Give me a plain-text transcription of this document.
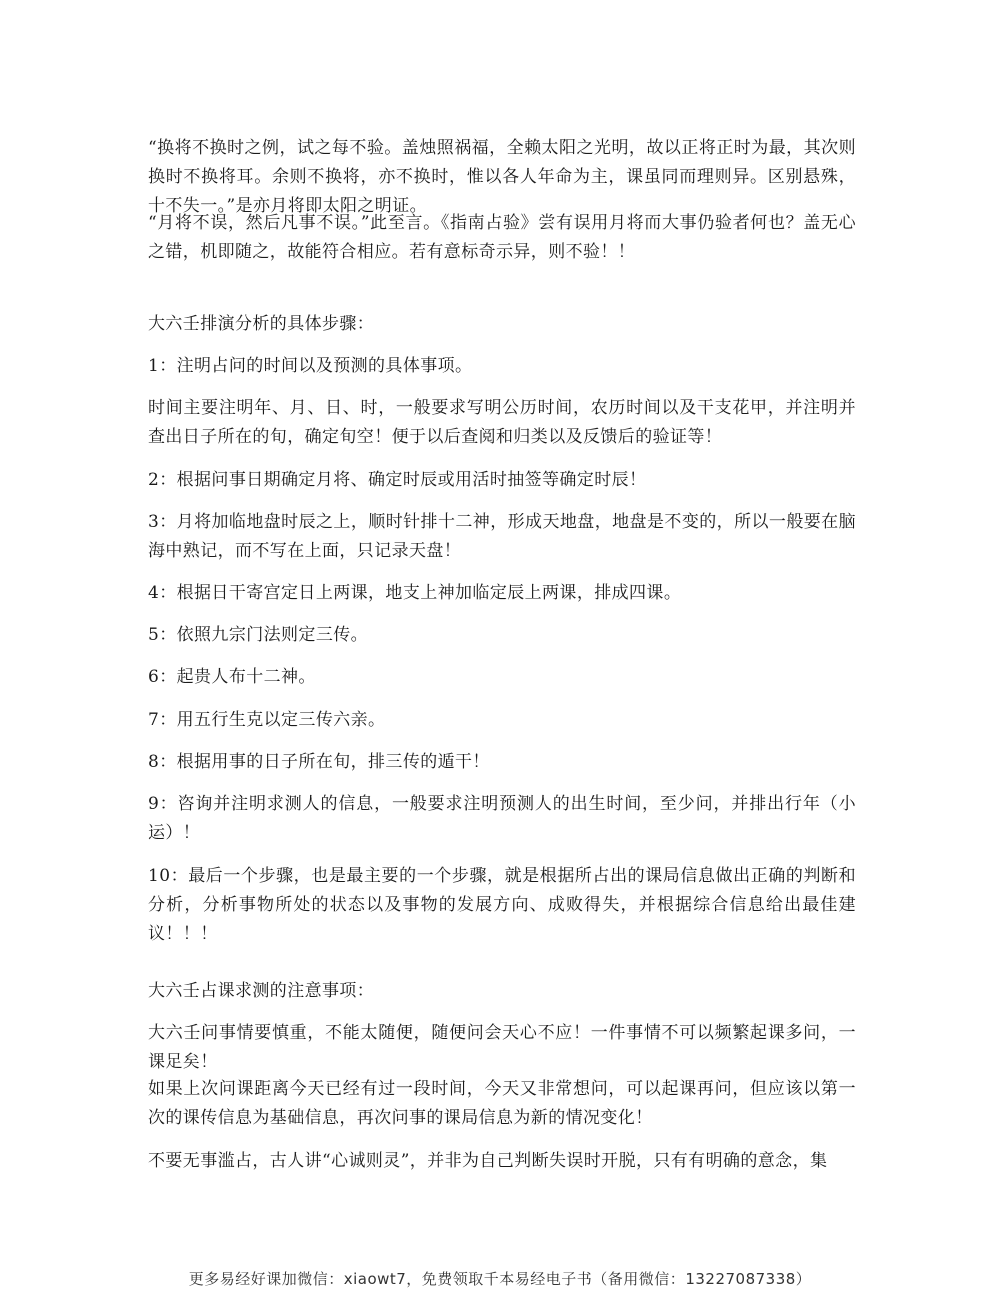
“换将不换时之例，试之每不验。盖烛照祸福，全赖太阳之光明，故以正将正时为最，其次则换时不换将耳。余则不换将，亦不换时，惟以各人年命为主，课虽同而理则异。区别悬殊，十不失一。”是亦月将即太阳之明证。

“月将不误，然后凡事不误。”此至言。《指南占验》尝有误用月将而大事仍验者何也？盖无心之错，机即随之，故能符合相应。若有意标奇示异，则不验！！

大六壬排演分析的具体步骤：

1：注明占问的时间以及预测的具体事项。

时间主要注明年、月、日、时，一般要求写明公历时间，农历时间以及干支花甲，并注明并查出日子所在的旬，确定旬空！便于以后查阅和归类以及反馈后的验证等！

2：根据问事日期确定月将、确定时辰或用活时抽签等确定时辰！

3：月将加临地盘时辰之上，顺时针排十二神，形成天地盘，地盘是不变的，所以一般要在脑海中熟记，而不写在上面，只记录天盘！

4：根据日干寄宫定日上两课，地支上神加临定辰上两课，排成四课。

5：依照九宗门法则定三传。

6：起贵人布十二神。

7：用五行生克以定三传六亲。

8：根据用事的日子所在旬，排三传的遁干！

9：咨询并注明求测人的信息，一般要求注明预测人的出生时间，至少问，并排出行年（小运）！

10：最后一个步骤，也是最主要的一个步骤，就是根据所占出的课局信息做出正确的判断和分析，分析事物所处的状态以及事物的发展方向、成败得失，并根据综合信息给出最佳建议！！！

大六壬占课求测的注意事项：

大六壬问事情要慎重，不能太随便，随便问会天心不应！一件事情不可以频繁起课多问，一课足矣！

如果上次问课距离今天已经有过一段时间，今天又非常想问，可以起课再问，但应该以第一次的课传信息为基础信息，再次问事的课局信息为新的情况变化！

不要无事滥占，古人讲“心诚则灵”，并非为自己判断失误时开脱，只有有明确的意念，集

更多易经好课加微信：xiaowt7，免费领取千本易经电子书（备用微信：13227087338）
